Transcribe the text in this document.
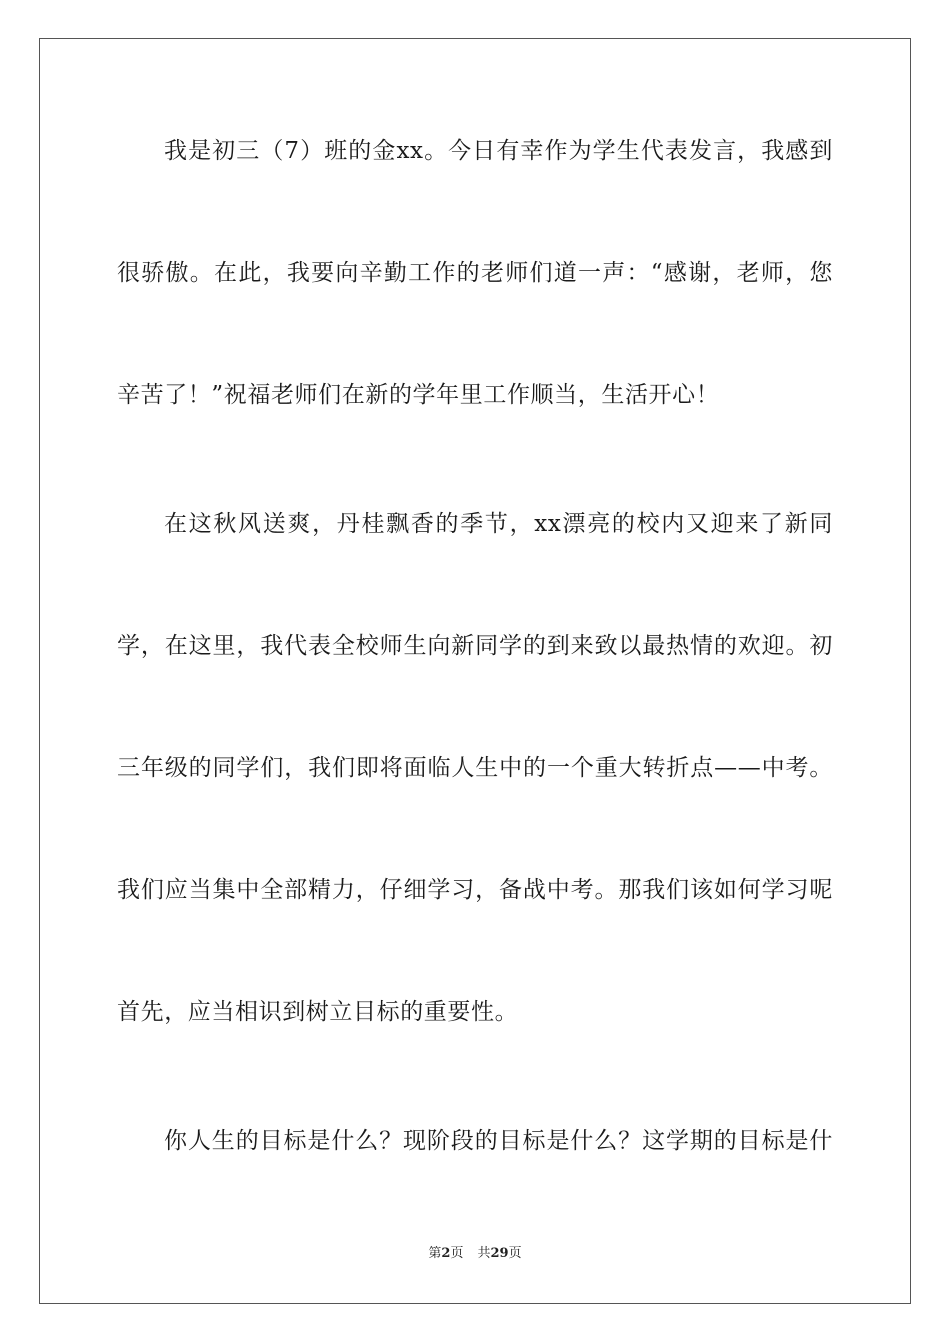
我是初三（7）班的金xx。今日有幸作为学生代表发言，我感到
很骄傲。在此，我要向辛勤工作的老师们道一声：“感谢，老师，您
辛苦了！”祝福老师们在新的学年里工作顺当，生活开心！
在这秋风送爽，丹桂飘香的季节，xx漂亮的校内又迎来了新同
学，在这里，我代表全校师生向新同学的到来致以最热情的欢迎。初
三年级的同学们，我们即将面临人生中的一个重大转折点——中考。
我们应当集中全部精力，仔细学习，备战中考。那我们该如何学习呢
首先，应当相识到树立目标的重要性。
你人生的目标是什么？现阶段的目标是什么？这学期的目标是什
第2页 共29页
